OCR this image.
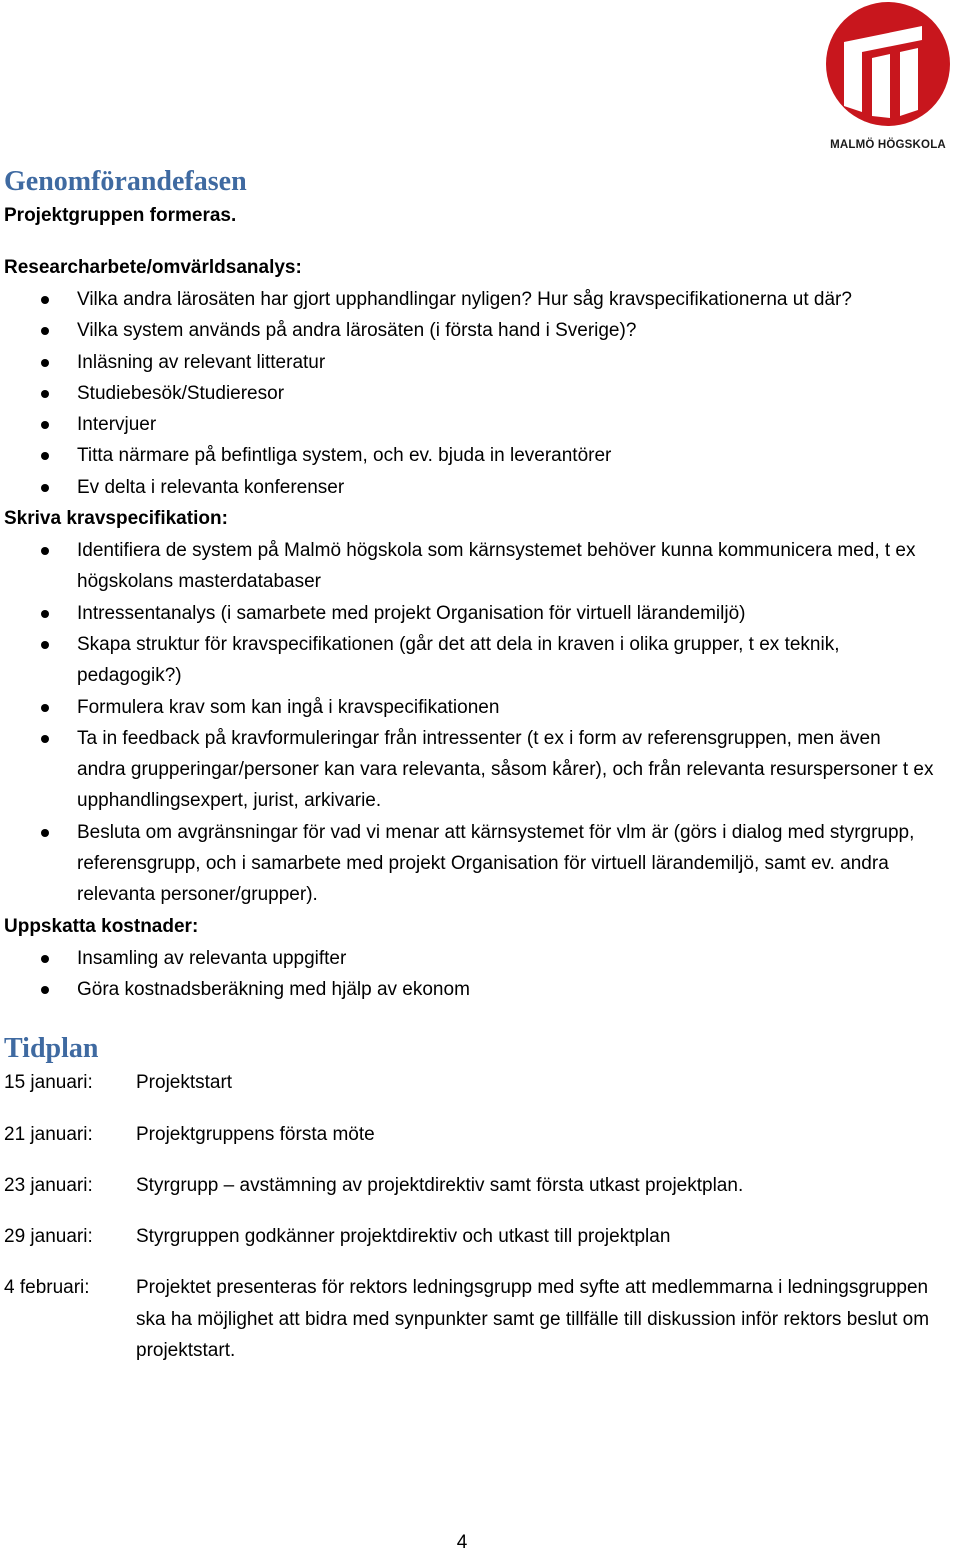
MALMÖ HÖGSKOLA
Genomförandefasen

Projektgruppen formeras.

Researcharbete/omvärldsanalys:

Vilka andra lärosäten har gjort upphandlingar nyligen? Hur såg kravspecifikationerna ut där?
Vilka system används på andra lärosäten (i första hand i Sverige)?
Inläsning av relevant litteratur
Studiebesök/Studieresor
Intervjuer
Titta närmare på befintliga system, och ev. bjuda in leverantörer
Ev delta i relevanta konferenser

Skriva kravspecifikation:

Identifiera de system på Malmö högskola som kärnsystemet behöver kunna kommunicera med, t ex högskolans masterdatabaser
Intressentanalys (i samarbete med projekt Organisation för virtuell lärandemiljö)
Skapa struktur för kravspecifikationen (går det att dela in kraven i olika grupper, t ex teknik, pedagogik?)
Formulera krav som kan ingå i kravspecifikationen
Ta in feedback på kravformuleringar från intressenter (t ex i form av referensgruppen, men även andra grupperingar/personer kan vara relevanta, såsom kårer), och från relevanta resurspersoner t ex upphandlingsexpert, jurist, arkivarie.
Besluta om avgränsningar för vad vi menar att kärnsystemet för vlm är (görs i dialog med styrgrupp, referensgrupp, och i samarbete med projekt Organisation för virtuell lärandemiljö, samt ev. andra relevanta personer/grupper).

Uppskatta kostnader:

Insamling av relevanta uppgifter
Göra kostnadsberäkning med hjälp av ekonom
Tidplan
15 januari:	Projektstart
21 januari:	Projektgruppens första möte
23 januari:	Styrgrupp – avstämning av projektdirektiv samt första utkast projektplan.
29 januari:	Styrgruppen godkänner projektdirektiv och utkast till projektplan
4 februari:	Projektet presenteras för rektors ledningsgrupp med syfte att medlemmarna i ledningsgruppen ska ha möjlighet att bidra med synpunkter samt ge tillfälle till diskussion inför rektors beslut om projektstart.
4
